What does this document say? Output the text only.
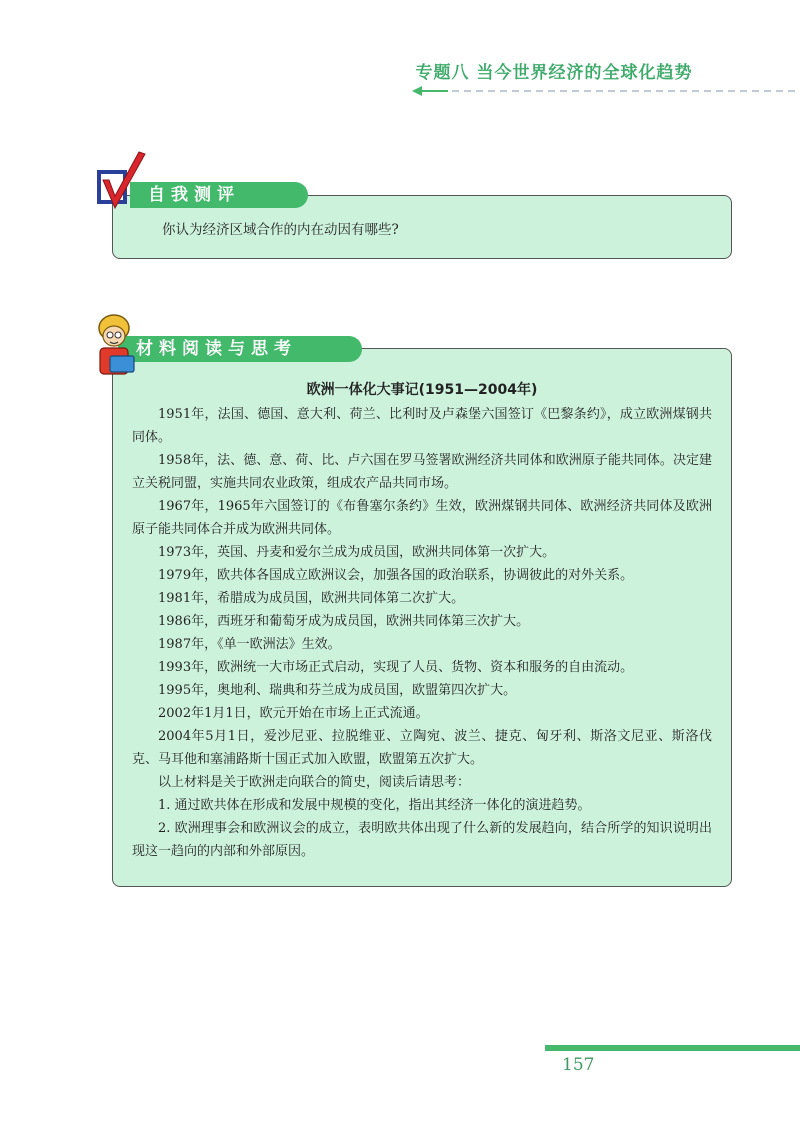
专题八 当今世界经济的全球化趋势
自我测评
你认为经济区域合作的内在动因有哪些?
材料阅读与思考
欧洲一体化大事记(1951—2004年)

1951年，法国、德国、意大利、荷兰、比利时及卢森堡六国签订《巴黎条约》，成立欧洲煤钢共同体。

1958年，法、德、意、荷、比、卢六国在罗马签署欧洲经济共同体和欧洲原子能共同体。决定建立关税同盟，实施共同农业政策，组成农产品共同市场。

1967年，1965年六国签订的《布鲁塞尔条约》生效，欧洲煤钢共同体、欧洲经济共同体及欧洲原子能共同体合并成为欧洲共同体。

1973年，英国、丹麦和爱尔兰成为成员国，欧洲共同体第一次扩大。

1979年，欧共体各国成立欧洲议会，加强各国的政治联系，协调彼此的对外关系。

1981年，希腊成为成员国，欧洲共同体第二次扩大。

1986年，西班牙和葡萄牙成为成员国，欧洲共同体第三次扩大。

1987年，《单一欧洲法》生效。

1993年，欧洲统一大市场正式启动，实现了人员、货物、资本和服务的自由流动。

1995年，奥地利、瑞典和芬兰成为成员国，欧盟第四次扩大。

2002年1月1日，欧元开始在市场上正式流通。

2004年5月1日，爱沙尼亚、拉脱维亚、立陶宛、波兰、捷克、匈牙利、斯洛文尼亚、斯洛伐克、马耳他和塞浦路斯十国正式加入欧盟，欧盟第五次扩大。

以上材料是关于欧洲走向联合的简史，阅读后请思考：

1. 通过欧共体在形成和发展中规模的变化，指出其经济一体化的演进趋势。

2. 欧洲理事会和欧洲议会的成立，表明欧共体出现了什么新的发展趋向，结合所学的知识说明出现这一趋向的内部和外部原因。

157
